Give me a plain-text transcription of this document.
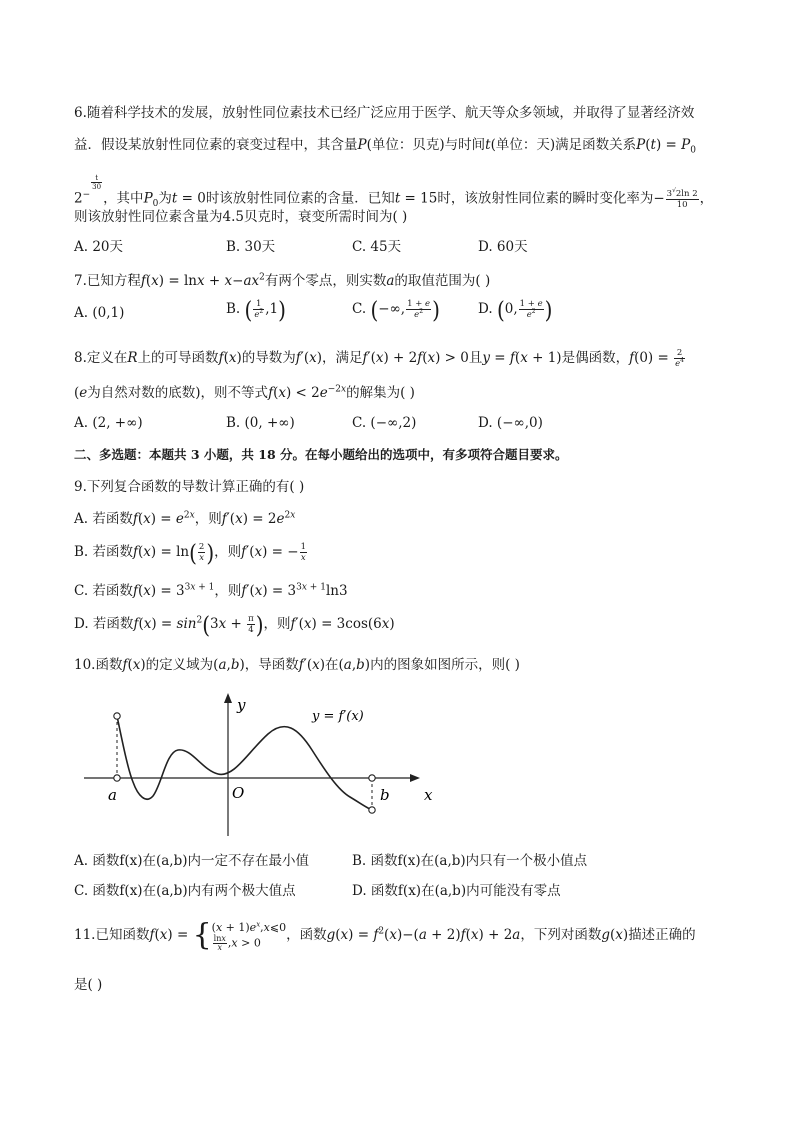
6.随着科学技术的发展，放射性同位素技术已经广泛应用于医学、航天等众多领域，并取得了显著经济效
益．假设某放射性同位素的衰变过程中，其含量P(单位：贝克)与时间t(单位：天)满足函数关系$P(t) = P_0$
$2^{- \frac{t}{30}}$
，其中$P_0$为t = 0时该放射性同位素的含量．已知t = 15时，该放射性同位素的瞬时变化率为− $\frac{3^√2\ln 2}{10}$ ，
则该放射性同位素含量为4.5贝克时，衰变所需时间为( )
A. 20天	B. 30天	C. 45天	D. 60天
7.已知方程$f(x) = \ln x + x-ax^2$有两个零点，则实数a的取值范围为( )
A. (0,1)	B. ( $\frac{1}{e^2} ,1$)	C. (−∞, $\frac{1 + e}{e^2}$ )	D. (0, $\frac{1 + e}{e^2}$ )
8.定义在R上的可导函数f(x)的导数为f′(x)，满足f′(x) + 2f(x) > 0且y = f(x + 1)是偶函数，$f(0) = \frac{2}{e^4}$
(e为自然对数的底数)，则不等式$f(x) < 2e^{-2x}$的解集为( )
A. (2, +∞)	B. (0, +∞)	C. (−∞,2)	D. (−∞,0)
二、多选题：本题共 3 小题，共 18 分。在每小题给出的选项中，有多项符合题目要求。
9.下列复合函数的导数计算正确的有( )
A. 若函数$f(x) = e^{2x}$，则$f'(x) = 2e^{2x}$
B. 若函数$f(x) = \ln( \frac{2}{x}$ )，则f′(x) = − $\frac{1}{x}$
C. 若函数$f(x) = 3^{3x + 1}$，则$f'(x) = 3^{3x + 1}\ln 3$
D. 若函数$f(x) = \sin^2(3x + \frac{\pi}{4}$ )，则f′(x) = 3cos(6x)
10.函数f(x)的定义域为(a,b)，导函数f′(x)在(a,b)内的图象如图所示，则( )
y
x
O
a	b
y = f′(x)
A. 函数f(x)在(a,b)内一定不存在最小值	B. 函数f(x)在(a,b)内只有一个极小值点
C. 函数f(x)在(a,b)内有两个极大值点	D. 函数f(x)在(a,b)内可能没有零点
11.已知函数f(x) = { $(x + 1)e^x,x⩽0$
$\frac{\ln x}{x} ,x > 0$	，函数$g(x) = f^2(x)-(a + 2)f(x) + 2a$，下列对函数g(x)描述正确的
是( )
